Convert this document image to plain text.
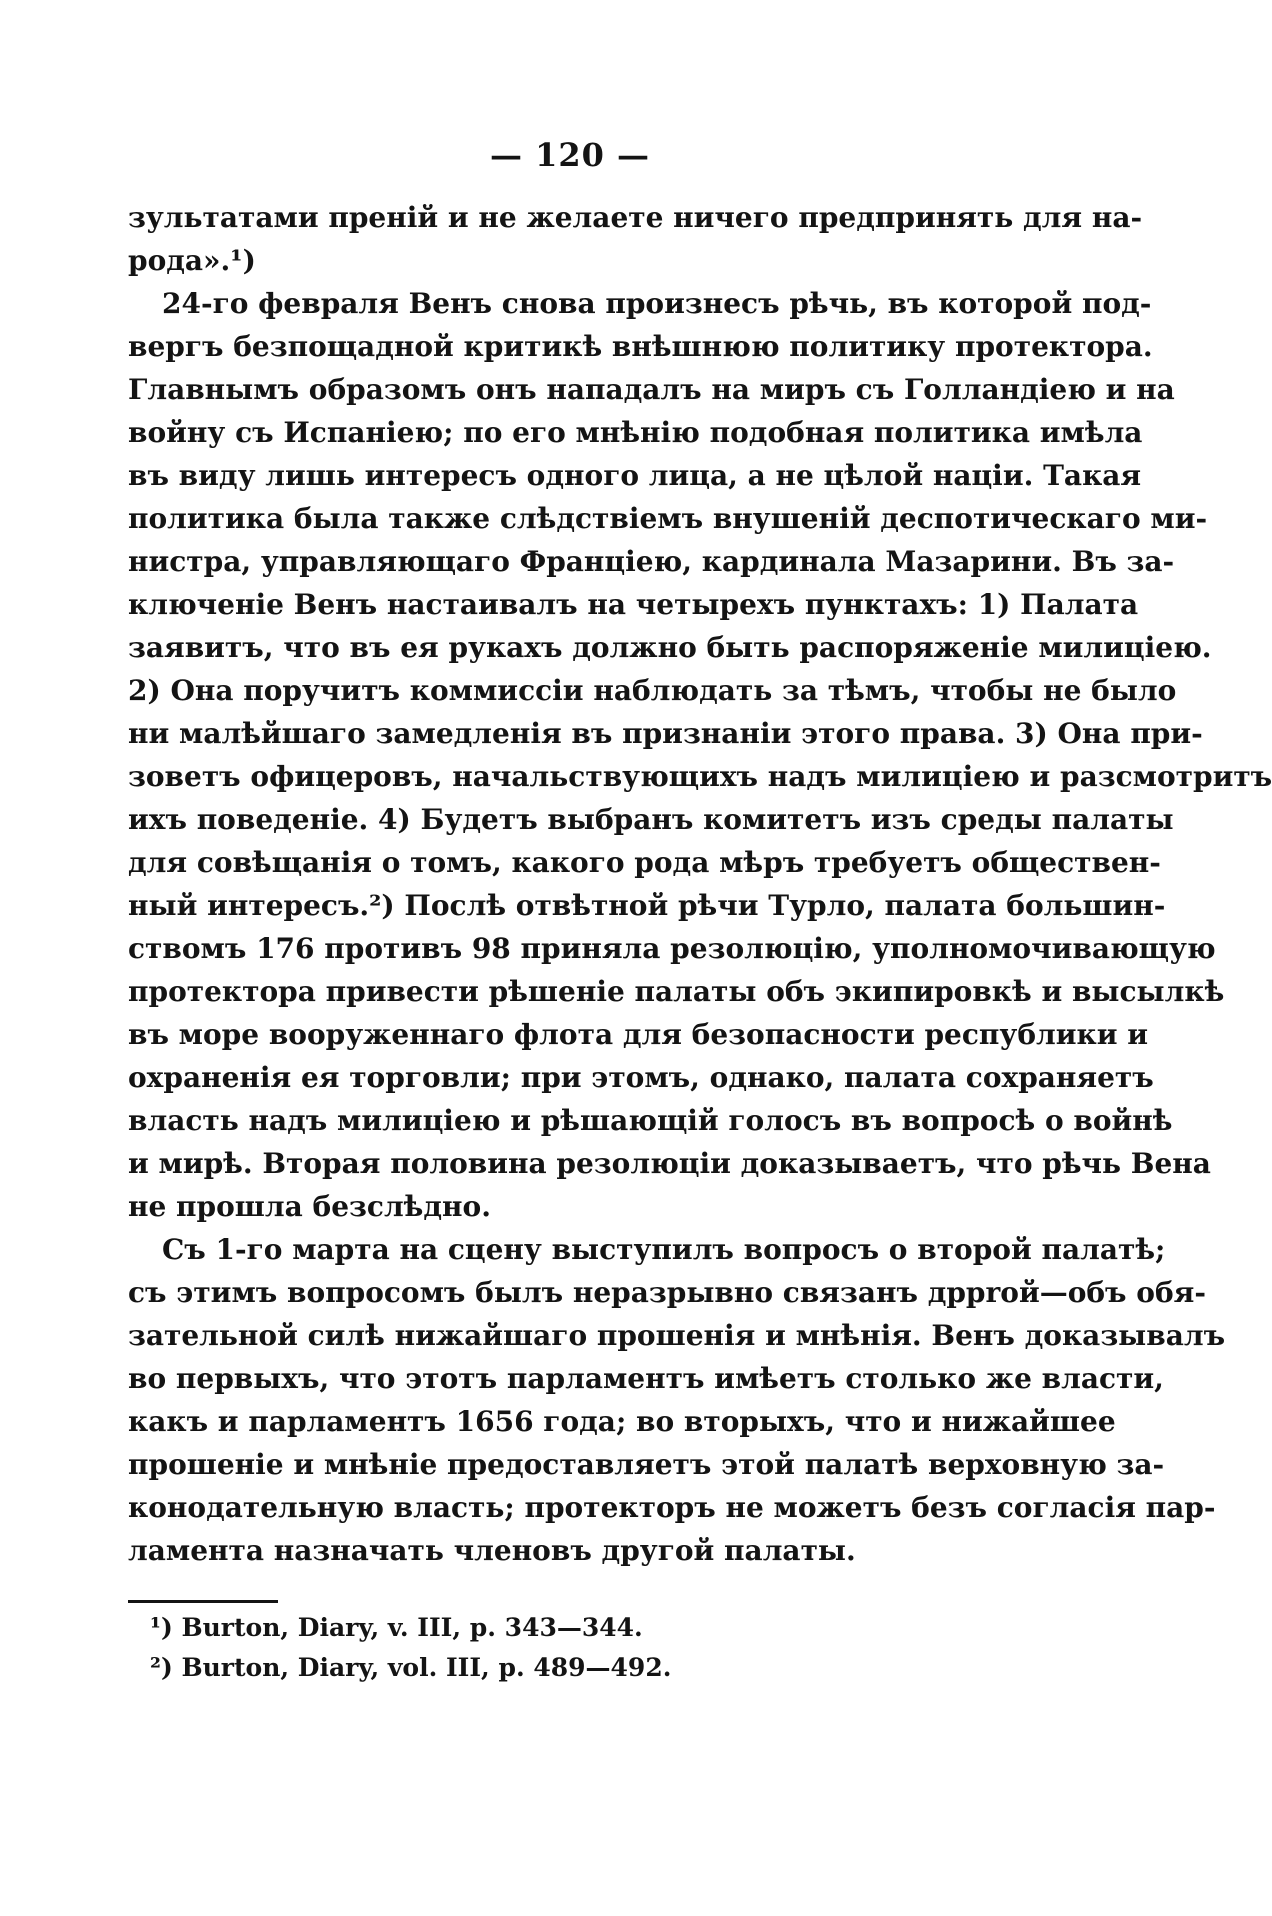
— 120 —
зультатами преній и не желаете ничего предпринять для на-
рода».¹)
24-го февраля Венъ снова произнесъ рѣчь, въ которой под-
вергъ безпощадной критикѣ внѣшнюю политику протектора.
Главнымъ образомъ онъ нападалъ на миръ съ Голландіею и на
войну съ Испаніею; по его мнѣнію подобная политика имѣла
въ виду лишь интересъ одного лица, а не цѣлой націи. Такая
политика была также слѣдствіемъ внушеній деспотическаго ми-
нистра, управляющаго Франціею, кардинала Мазарини. Въ за-
ключеніе Венъ настаивалъ на четырехъ пунктахъ: 1) Палата
заявитъ, что въ ея рукахъ должно быть распоряженіе милиціею.
2) Она поручитъ коммиссіи наблюдать за тѣмъ, чтобы не было
ни малѣйшаго замедленія въ признаніи этого права. 3) Она при-
зоветъ офицеровъ, начальствующихъ надъ милиціею и разсмотритъ
ихъ поведеніе. 4) Будетъ выбранъ комитетъ изъ среды палаты
для совѣщанія о томъ, какого рода мѣръ требуетъ обществен-
ный интересъ.²) Послѣ отвѣтной рѣчи Турло, палата большин-
ствомъ 176 противъ 98 приняла резолюцію, уполномочивающую
протектора привести рѣшеніе палаты объ экипировкѣ и высылкѣ
въ море вооруженнаго флота для безопасности республики и
охраненія ея торговли; при этомъ, однако, палата сохраняетъ
власть надъ милиціею и рѣшающій голосъ въ вопросѣ о войнѣ
и мирѣ. Вторая половина резолюціи доказываетъ, что рѣчь Вена
не прошла безслѣдно.
Съ 1-го марта на сцену выступилъ вопросъ о второй палатѣ;
съ этимъ вопросомъ былъ неразрывно связанъ дррroй—объ обя-
зательной силѣ нижайшаго прошенія и мнѣнія. Венъ доказывалъ
во первыхъ, что этотъ парламентъ имѣетъ столько же власти,
какъ и парламентъ 1656 года; во вторыхъ, что и нижайшее
прошеніе и мнѣніе предоставляетъ этой палатѣ верховную за-
конодательную власть; протекторъ не можетъ безъ согласія пар-
ламента назначать членовъ другой палаты.
¹) Burton, Diary, v. III, p. 343—344.
²) Burton, Diary, vol. III, p. 489—492.
